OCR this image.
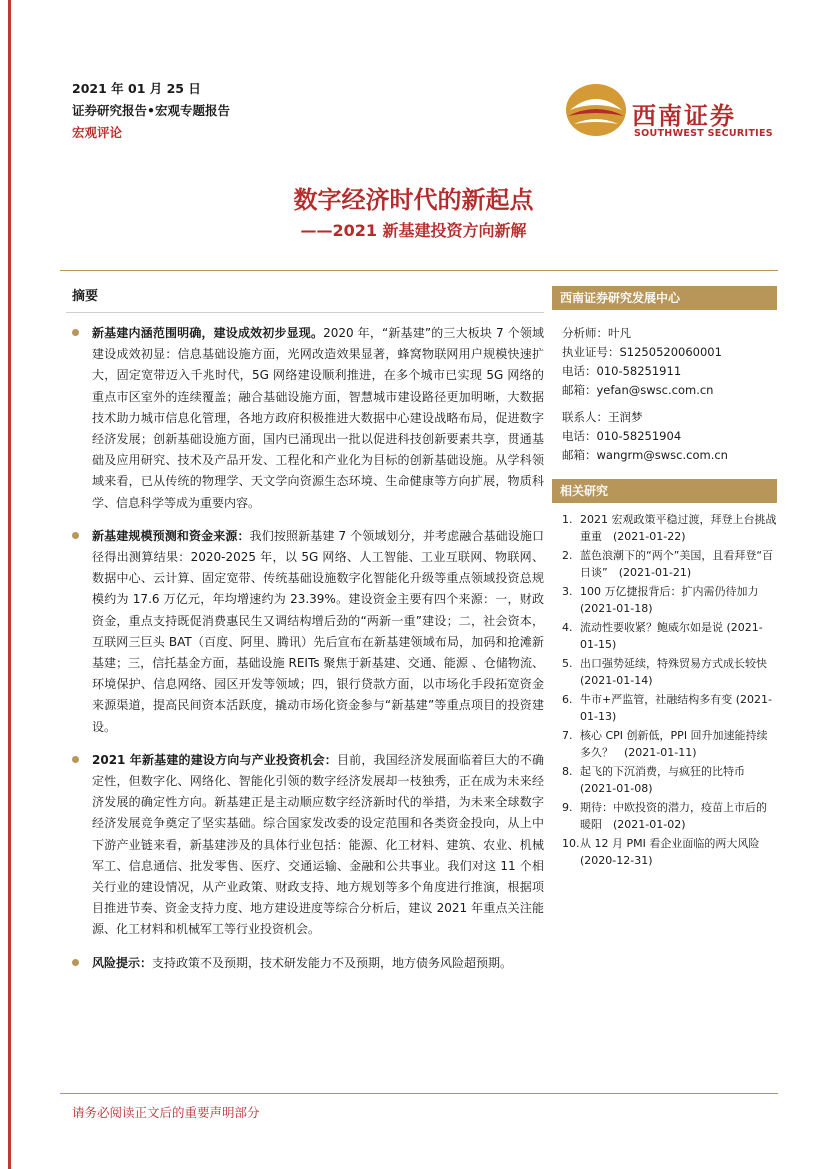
2021 年 01 月 25 日
证券研究报告•宏观专题报告
宏观评论
西南证券
SOUTHWEST SECURITIES
数字经济时代的新起点
——2021 新基建投资方向新解
摘要
新基建内涵范围明确，建设成效初步显现。2020 年，“新基建”的三大板块 7 个领域建设成效初显：信息基础设施方面，光网改造效果显著，蜂窝物联网用户规模快速扩大，固定宽带迈入千兆时代，5G 网络建设顺利推进，在多个城市已实现 5G 网络的重点市区室外的连续覆盖；融合基础设施方面，智慧城市建设路径更加明晰，大数据技术助力城市信息化管理，各地方政府积极推进大数据中心建设战略布局，促进数字经济发展；创新基础设施方面，国内已涌现出一批以促进科技创新要素共享，贯通基础及应用研究、技术及产品开发、工程化和产业化为目标的创新基础设施。从学科领域来看，已从传统的物理学、天文学向资源生态环境、生命健康等方向扩展，物质科学、信息科学等成为重要内容。
新基建规模预测和资金来源：我们按照新基建 7 个领域划分，并考虑融合基础设施口径得出测算结果：2020-2025 年，以 5G 网络、人工智能、工业互联网、物联网、数据中心、云计算、固定宽带、传统基础设施数字化智能化升级等重点领域投资总规模约为 17.6 万亿元，年均增速约为 23.39%。建设资金主要有四个来源：一，财政资金，重点支持既促消费惠民生又调结构增后劲的“两新一重”建设；二，社会资本，互联网三巨头 BAT（百度、阿里、腾讯）先后宣布在新基建领域布局，加码和抢滩新基建；三，信托基金方面，基础设施 REITs 聚焦于新基建、交通、能源 、仓储物流、环境保护、信息网络、园区开发等领域；四，银行贷款方面，以市场化手段拓宽资金来源渠道，提高民间资本活跃度，撬动市场化资金参与“新基建”等重点项目的投资建设。
2021 年新基建的建设方向与产业投资机会：目前，我国经济发展面临着巨大的不确定性，但数字化、网络化、智能化引领的数字经济发展却一枝独秀，正在成为未来经济发展的确定性方向。新基建正是主动顺应数字经济新时代的举措，为未来全球数字经济发展竞争奠定了坚实基础。综合国家发改委的设定范围和各类资金投向，从上中下游产业链来看，新基建涉及的具体行业包括：能源、化工材料、建筑、农业、机械军工、信息通信、批发零售、医疗、交通运输、金融和公共事业。我们对这 11 个相关行业的建设情况，从产业政策、财政支持、地方规划等多个角度进行推演，根据项目推进节奏、资金支持力度、地方建设进度等综合分析后，建议 2021 年重点关注能源、化工材料和机械军工等行业投资机会。
风险提示：支持政策不及预期，技术研发能力不及预期，地方债务风险超预期。
西南证券研究发展中心
分析师：叶凡
执业证号：S1250520060001
电话：010-58251911
邮箱：yefan@swsc.com.cn
联系人：王润梦
电话：010-58251904
邮箱：wangrm@swsc.com.cn
相关研究
1. 2021 宏观政策平稳过渡，拜登上台挑战重重　(2021-01-22)
2. 蓝色浪潮下的“两个”美国，且看拜登“百日谈”　(2021-01-21)
3. 100 万亿捷报背后：扩内需仍待加力 (2021-01-18)
4. 流动性要收紧？鲍威尔如是说 (2021-01-15)
5. 出口强势延续，特殊贸易方式成长较快 (2021-01-14)
6. 牛市+严监管，社融结构多有变 (2021-01-13)
7. 核心 CPI 创新低，PPI 回升加速能持续多久？　(2021-01-11)
8. 起飞的下沉消费，与疯狂的比特币 (2021-01-08)
9. 期待：中欧投资的潜力，疫苗上市后的暖阳　(2021-01-02)
10. 从 12 月 PMI 看企业面临的两大风险 (2020-12-31)
请务必阅读正文后的重要声明部分
